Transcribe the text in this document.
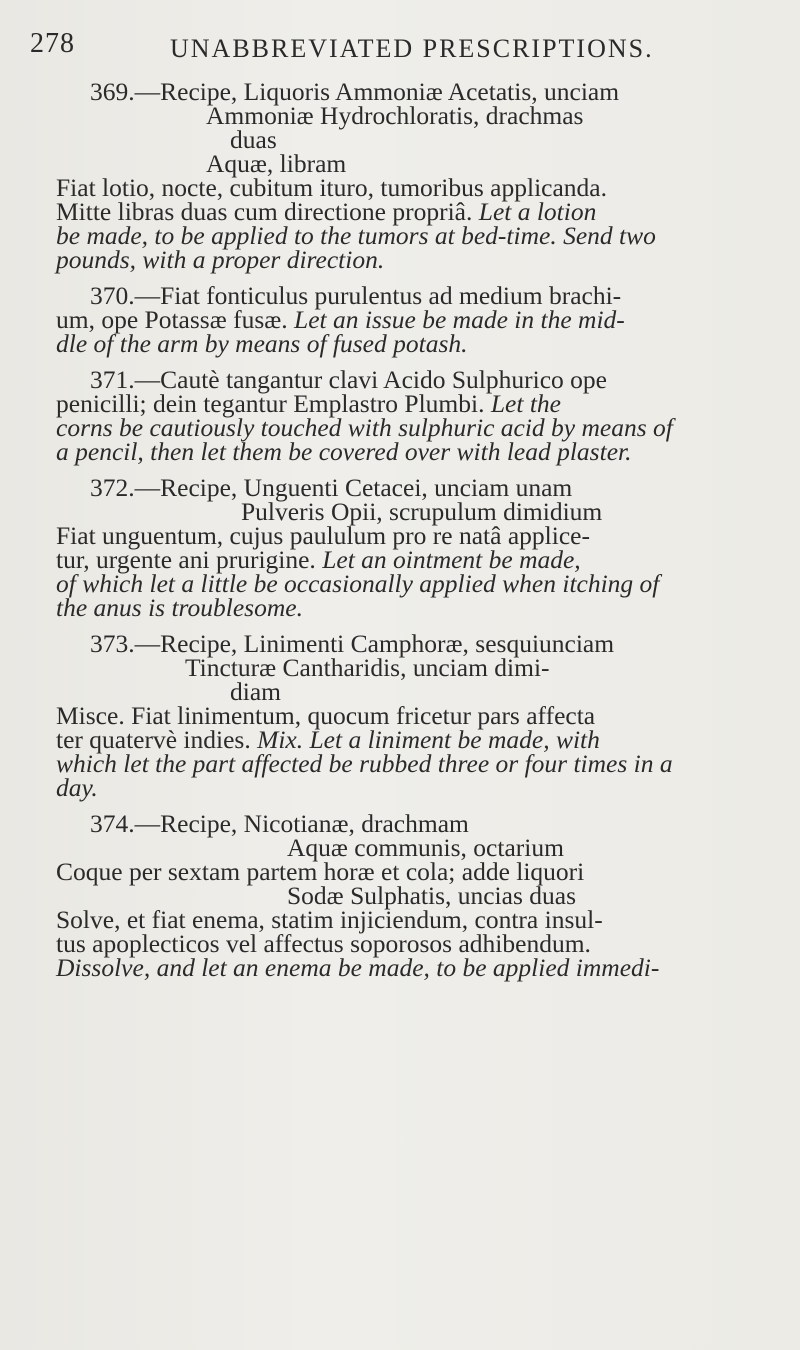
278	UNABBREVIATED PRESCRIPTIONS.
369.—Recipe, Liquoris Ammoniæ Acetatis, unciam
Ammoniæ Hydrochloratis, drachmas
duas
Aquæ, libram
Fiat lotio, nocte, cubitum ituro, tumoribus applicanda.
Mitte libras duas cum directione propriâ. Let a lotion
be made, to be applied to the tumors at bed-time. Send two
pounds, with a proper direction.
370.—Fiat fonticulus purulentus ad medium brachi-
um, ope Potassæ fusæ. Let an issue be made in the mid-
dle of the arm by means of fused potash.
371.—Cautè tangantur clavi Acido Sulphurico ope
penicilli; dein tegantur Emplastro Plumbi. Let the
corns be cautiously touched with sulphuric acid by means of
a pencil, then let them be covered over with lead plaster.
372.—Recipe, Unguenti Cetacei, unciam unam
Pulveris Opii, scrupulum dimidium
Fiat unguentum, cujus paululum pro re natâ applice-
tur, urgente ani prurigine. Let an ointment be made,
of which let a little be occasionally applied when itching of
the anus is troublesome.
373.—Recipe, Linimenti Camphoræ, sesquiunciam
Tincturæ Cantharidis, unciam dimi-
diam
Misce. Fiat linimentum, quocum fricetur pars affecta
ter quatervè indies. Mix. Let a liniment be made, with
which let the part affected be rubbed three or four times in a
day.
374.—Recipe, Nicotianæ, drachmam
Aquæ communis, octarium
Coque per sextam partem horæ et cola; adde liquori
Sodæ Sulphatis, uncias duas
Solve, et fiat enema, statim injiciendum, contra insul-
tus apoplecticos vel affectus soporosos adhibendum.
Dissolve, and let an enema be made, to be applied immedi-
